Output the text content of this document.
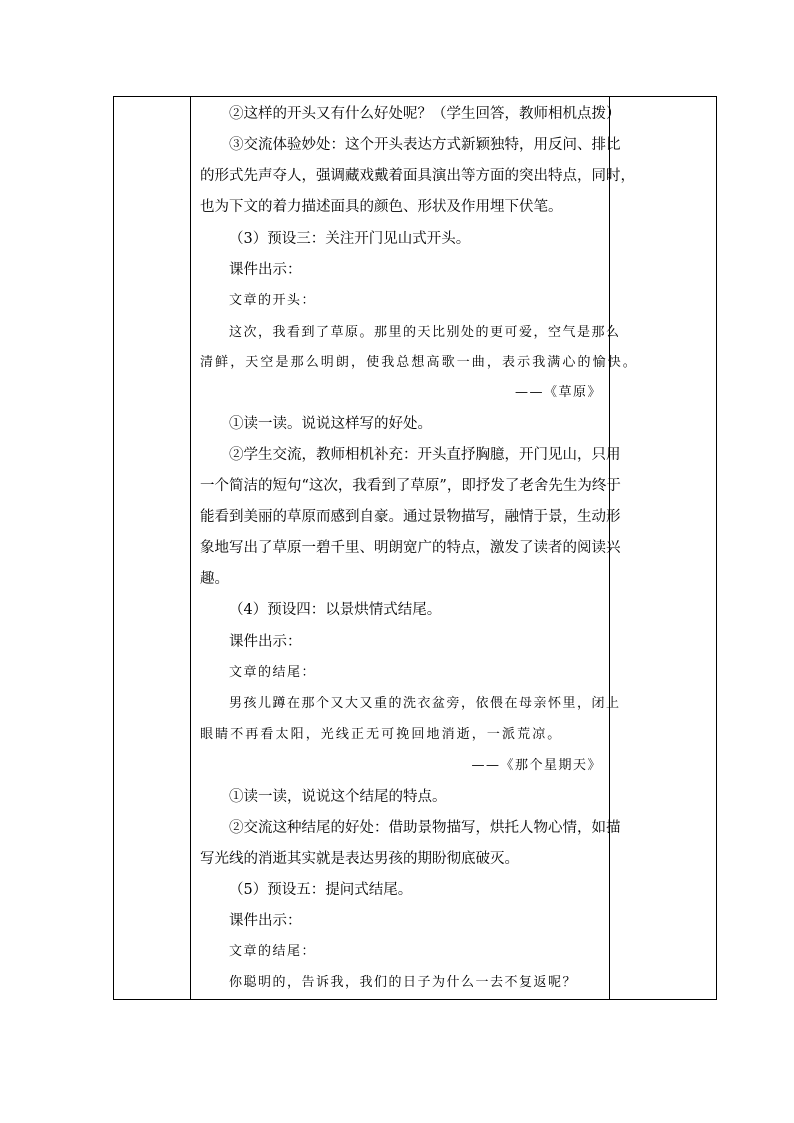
②这样的开头又有什么好处呢？（学生回答，教师相机点拨）
③交流体验妙处：这个开头表达方式新颖独特，用反问、排比
的形式先声夺人，强调藏戏戴着面具演出等方面的突出特点，同时，
也为下文的着力描述面具的颜色、形状及作用埋下伏笔。
（3）预设三：关注开门见山式开头。
课件出示：
文章的开头：
这次，我看到了草原。那里的天比别处的更可爱，空气是那么
清鲜，天空是那么明朗，使我总想高歌一曲，表示我满心的愉快。
——《草原》
①读一读。说说这样写的好处。
②学生交流，教师相机补充：开头直抒胸臆，开门见山，只用
一个简洁的短句“这次，我看到了草原”，即抒发了老舍先生为终于
能看到美丽的草原而感到自豪。通过景物描写，融情于景，生动形
象地写出了草原一碧千里、明朗宽广的特点，激发了读者的阅读兴
趣。
（4）预设四：以景烘情式结尾。
课件出示：
文章的结尾：
男孩儿蹲在那个又大又重的洗衣盆旁，依偎在母亲怀里，闭上
眼睛不再看太阳，光线正无可挽回地消逝，一派荒凉。
——《那个星期天》
①读一读，说说这个结尾的特点。
②交流这种结尾的好处：借助景物描写，烘托人物心情，如描
写光线的消逝其实就是表达男孩的期盼彻底破灭。
（5）预设五：提问式结尾。
课件出示：
文章的结尾：
你聪明的，告诉我，我们的日子为什么一去不复返呢？
